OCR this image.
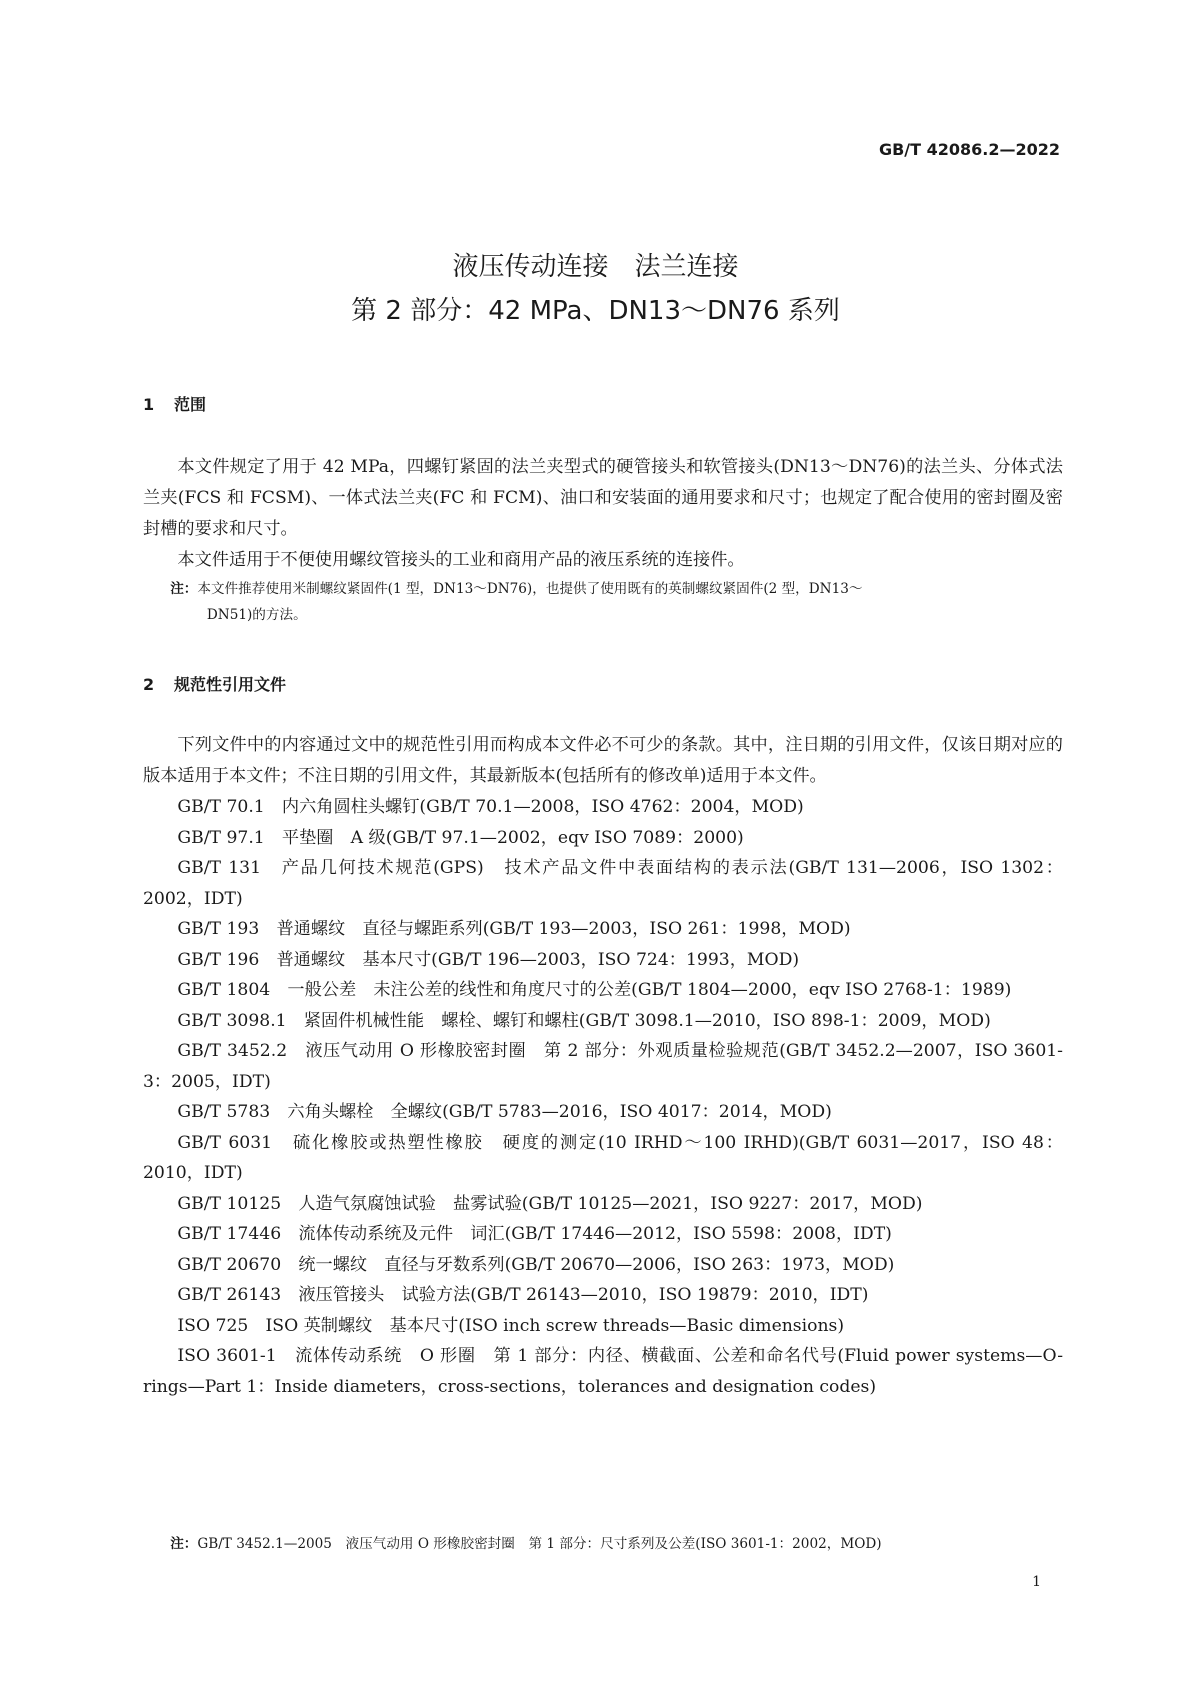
GB/T 42086.2—2022
液压传动连接　法兰连接
第 2 部分：42 MPa、DN13～DN76 系列
1 范围

本文件规定了用于 42 MPa，四螺钉紧固的法兰夹型式的硬管接头和软管接头(DN13～DN76)的法兰头、分体式法兰夹(FCS 和 FCSM)、一体式法兰夹(FC 和 FCM)、油口和安装面的通用要求和尺寸；也规定了配合使用的密封圈及密封槽的要求和尺寸。

本文件适用于不便使用螺纹管接头的工业和商用产品的液压系统的连接件。

注：本文件推荐使用米制螺纹紧固件(1 型，DN13～DN76)，也提供了使用既有的英制螺纹紧固件(2 型，DN13～
DN51)的方法。

2 规范性引用文件

下列文件中的内容通过文中的规范性引用而构成本文件必不可少的条款。其中，注日期的引用文件，仅该日期对应的版本适用于本文件；不注日期的引用文件，其最新版本(包括所有的修改单)适用于本文件。

GB/T 70.1　内六角圆柱头螺钉(GB/T 70.1—2008，ISO 4762：2004，MOD)

GB/T 97.1　平垫圈　A 级(GB/T 97.1—2002，eqv ISO 7089：2000)

GB/T 131　产品几何技术规范(GPS)　技术产品文件中表面结构的表示法(GB/T 131—2006，ISO 1302：2002，IDT)

GB/T 193　普通螺纹　直径与螺距系列(GB/T 193—2003，ISO 261：1998，MOD)

GB/T 196　普通螺纹　基本尺寸(GB/T 196—2003，ISO 724：1993，MOD)

GB/T 1804　一般公差　未注公差的线性和角度尺寸的公差(GB/T 1804—2000，eqv ISO 2768-1：1989)

GB/T 3098.1　紧固件机械性能　螺栓、螺钉和螺柱(GB/T 3098.1—2010，ISO 898-1：2009，MOD)

GB/T 3452.2　液压气动用 O 形橡胶密封圈　第 2 部分：外观质量检验规范(GB/T 3452.2—2007，ISO 3601-3：2005，IDT)

GB/T 5783　六角头螺栓　全螺纹(GB/T 5783—2016，ISO 4017：2014，MOD)

GB/T 6031　硫化橡胶或热塑性橡胶　硬度的测定(10 IRHD～100 IRHD)(GB/T 6031—2017，ISO 48：2010，IDT)

GB/T 10125　人造气氛腐蚀试验　盐雾试验(GB/T 10125—2021，ISO 9227：2017，MOD)

GB/T 17446　流体传动系统及元件　词汇(GB/T 17446—2012，ISO 5598：2008，IDT)

GB/T 20670　统一螺纹　直径与牙数系列(GB/T 20670—2006，ISO 263：1973，MOD)

GB/T 26143　液压管接头　试验方法(GB/T 26143—2010，ISO 19879：2010，IDT)

ISO 725　ISO 英制螺纹　基本尺寸(ISO inch screw threads—Basic dimensions)

ISO 3601-1　流体传动系统　O 形圈　第 1 部分：内径、横截面、公差和命名代号(Fluid power systems—O-rings—Part 1：Inside diameters，cross-sections，tolerances and designation codes)

注：GB/T 3452.1—2005　液压气动用 O 形橡胶密封圈　第 1 部分：尺寸系列及公差(ISO 3601-1：2002，MOD)
1
